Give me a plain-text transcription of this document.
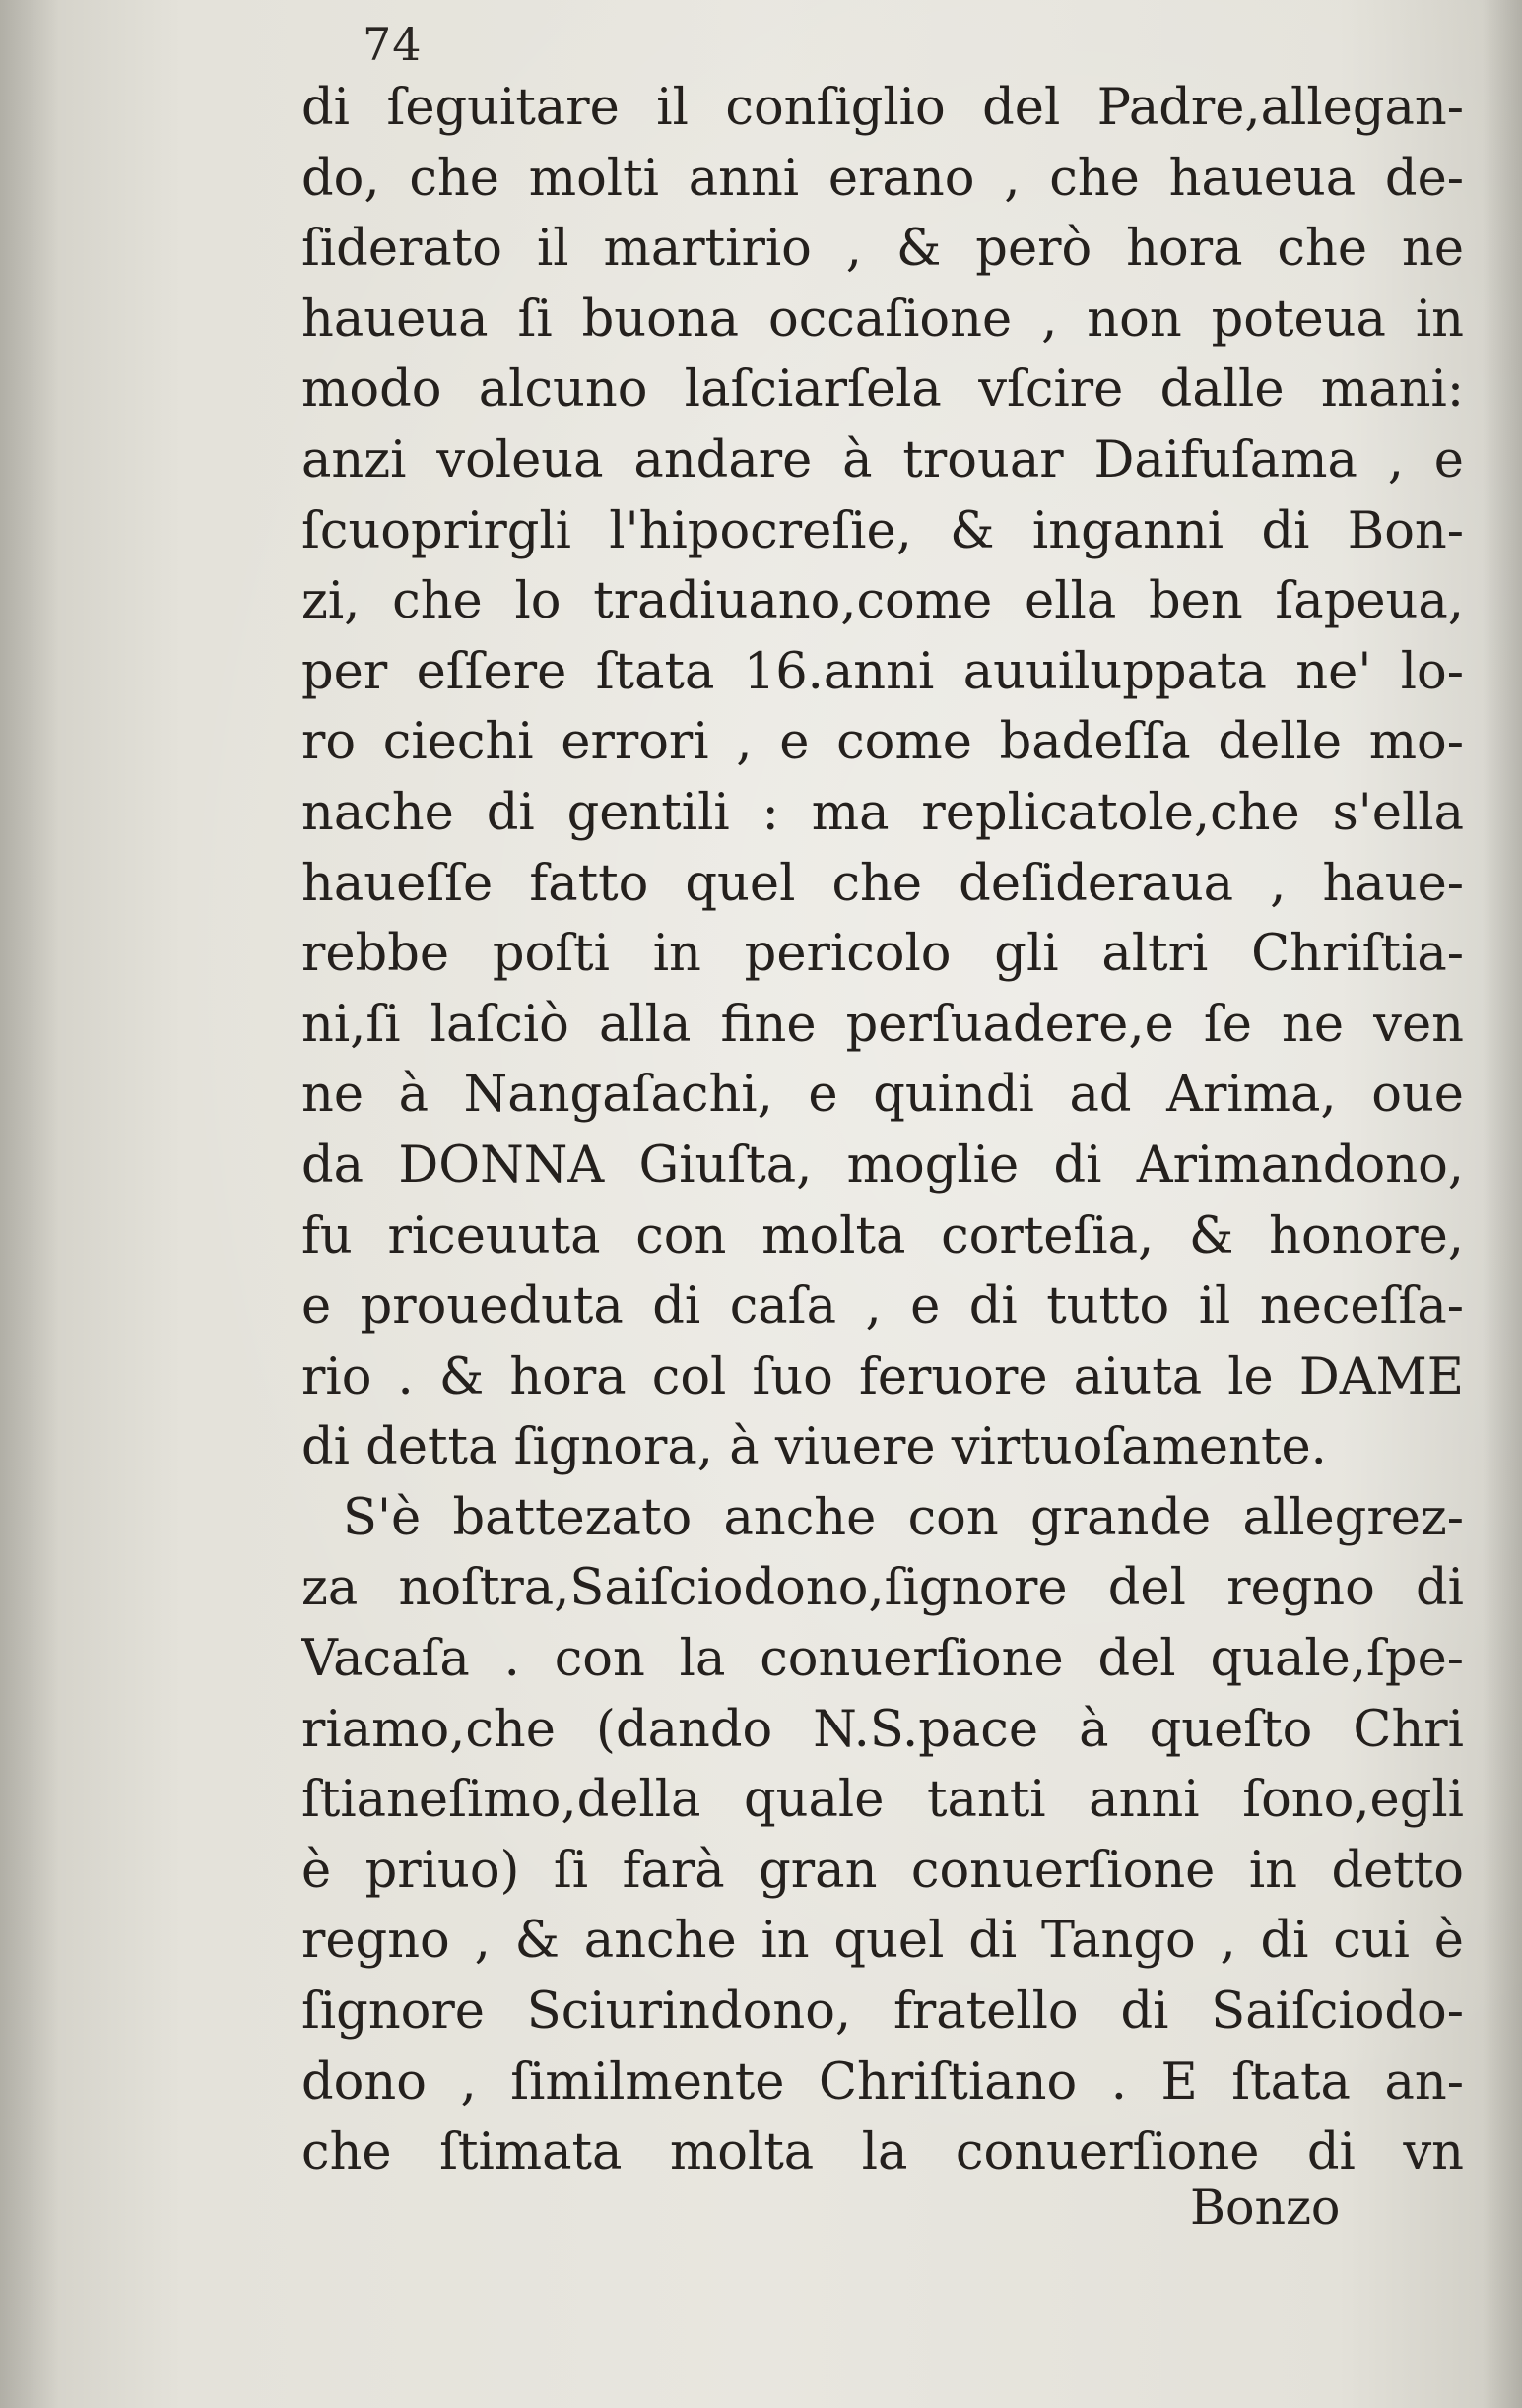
74
di ſeguitare il conſiglio del Padre,allegan-
do, che molti anni erano , che haueua de-
ſiderato il martirio , & però hora che ne
haueua ſi buona occaſione , non poteua in
modo alcuno laſciarſela vſcire dalle mani:
anzi voleua andare à trouar Daifuſama , e
ſcuoprirgli l'hipocreſie, & inganni di Bon-
zi, che lo tradiuano,come ella ben ſapeua,
per eſſere ſtata 16.anni auuiluppata ne' lo-
ro ciechi errori , e come badeſſa delle mo-
nache di gentili : ma replicatole,che s'ella
haueſſe fatto quel che deſideraua , haue-
rebbe poſti in pericolo gli altri Chriſtia-
ni,ſi laſciò alla fine perſuadere,e ſe ne ven
ne à Nangaſachi, e quindi ad Arima, oue
da DONNA Giuſta, moglie di Arimandono,
fu riceuuta con molta corteſia, & honore,
e proueduta di caſa , e di tutto il neceſſa-
rio . & hora col ſuo feruore aiuta le DAME
di detta ſignora, à viuere virtuoſamente.
S'è battezato anche con grande allegrez-
za noſtra,Saiſciodono,ſignore del regno di
Vacaſa . con la conuerſione del quale,ſpe-
riamo,che (dando N.S.pace à queſto Chri
ſtianeſimo,della quale tanti anni ſono,egli
è priuo) ſi farà gran conuerſione in detto
regno , & anche in quel di Tango , di cui è
ſignore Sciurindono, fratello di Saiſciodo-
dono , ſimilmente Chriſtiano . E ſtata an-
che ſtimata molta la conuerſione di vn
Bonzo
